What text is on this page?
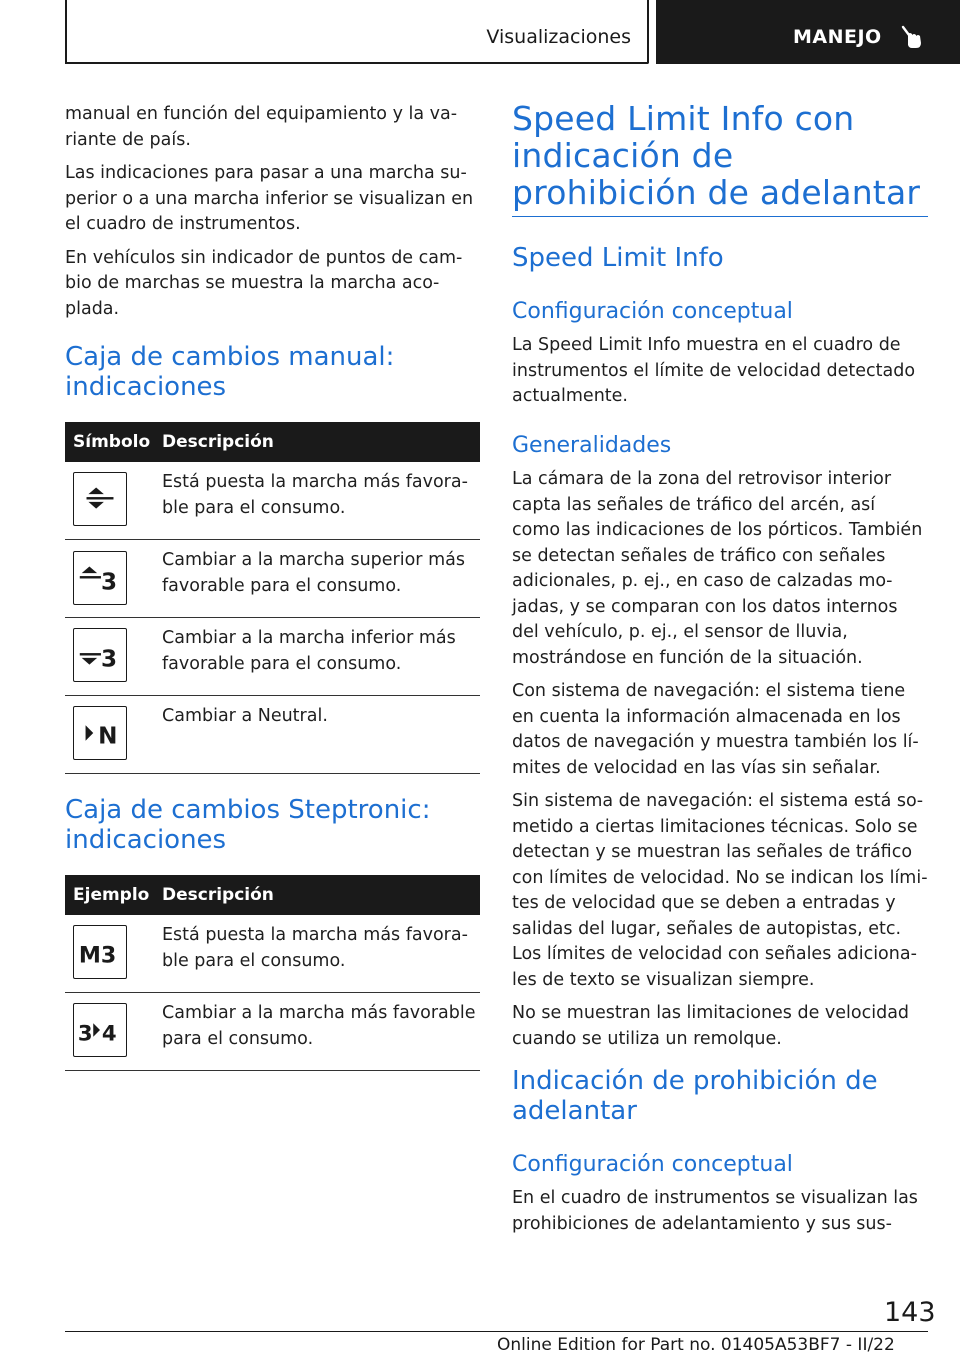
Visualizaciones	MANEJO

manual en función del equipamiento y la variante de país.

Las indicaciones para pasar a una marcha superior o a una marcha inferior se visualizan en el cuadro de instrumentos.

En vehículos sin indicador de puntos de cambio de marchas se muestra la marcha acoplada.

Caja de cambios manual: indicaciones
Símbolo Descripción
Está puesta la marcha más favorable para el consumo.
3
Cambiar a la marcha superior más favorable para el consumo.
3
Cambiar a la marcha inferior más favorable para el consumo.
N
Cambiar a Neutral.
Caja de cambios Steptronic: indicaciones
Ejemplo Descripción
M3
Está puesta la marcha más favorable para el consumo.
3 4
Cambiar a la marcha más favorable para el consumo.
Speed Limit Info con indicación de prohibición de adelantar
Speed Limit Info
Configuración conceptual

La Speed Limit Info muestra en el cuadro de instrumentos el límite de velocidad detectado actualmente.

Generalidades

La cámara de la zona del retrovisor interior capta las señales de tráfico del arcén, así como las indicaciones de los pórticos. También se detectan señales de tráfico con señales adicionales, p. ej., en caso de calzadas mojadas, y se comparan con los datos internos del vehículo, p. ej., el sensor de lluvia, mostrándose en función de la situación.

Con sistema de navegación: el sistema tiene en cuenta la información almacenada en los datos de navegación y muestra también los límites de velocidad en las vías sin señalar.

Sin sistema de navegación: el sistema está sometido a ciertas limitaciones técnicas. Solo se detectan y se muestran las señales de tráfico con límites de velocidad. No se indican los límites de velocidad que se deben a entradas y salidas del lugar, señales de autopistas, etc. Los límites de velocidad con señales adicionales de texto se visualizan siempre.

No se muestran las limitaciones de velocidad cuando se utiliza un remolque.

Indicación de prohibición de adelantar
Configuración conceptual

En el cuadro de instrumentos se visualizan las prohibiciones de adelantamiento y sus sus-

143
Online Edition for Part no. 01405A53BF7 - II/22
